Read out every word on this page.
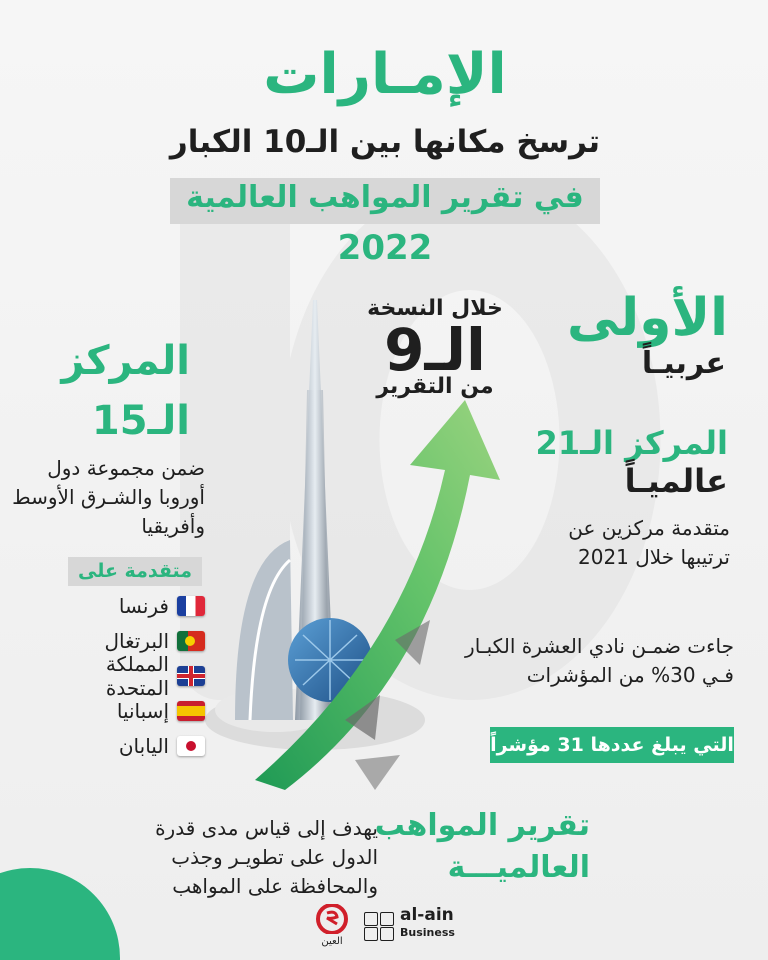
الإمـارات
ترسخ مكانها بين الـ10 الكبار
في تقرير المواهب العالمية
2022
خلال النسخة
الـ9
من التقرير
الأولى
عربيـاً
المركز
الـ15
ضمن مجموعة دول أوروبا والشـرق الأوسط وأفريقيا
متقدمة على
فرنسا
البرتغال
المملكة المتحدة
إسبانيا
اليابان
المركز الـ21
عالميـاً
متقدمة مركزين عن ترتيبها خلال 2021
جاءت ضمـن نادي العشرة الكبـار فـي 30% من المؤشرات
التي يبلغ عددها 31 مؤشراً
تقرير المواهب
العالميـــة
يهدف إلى قياس مدى قدرة الدول على تطويـر وجذب والمحافظة على المواهب
العين
al-ain
Business
